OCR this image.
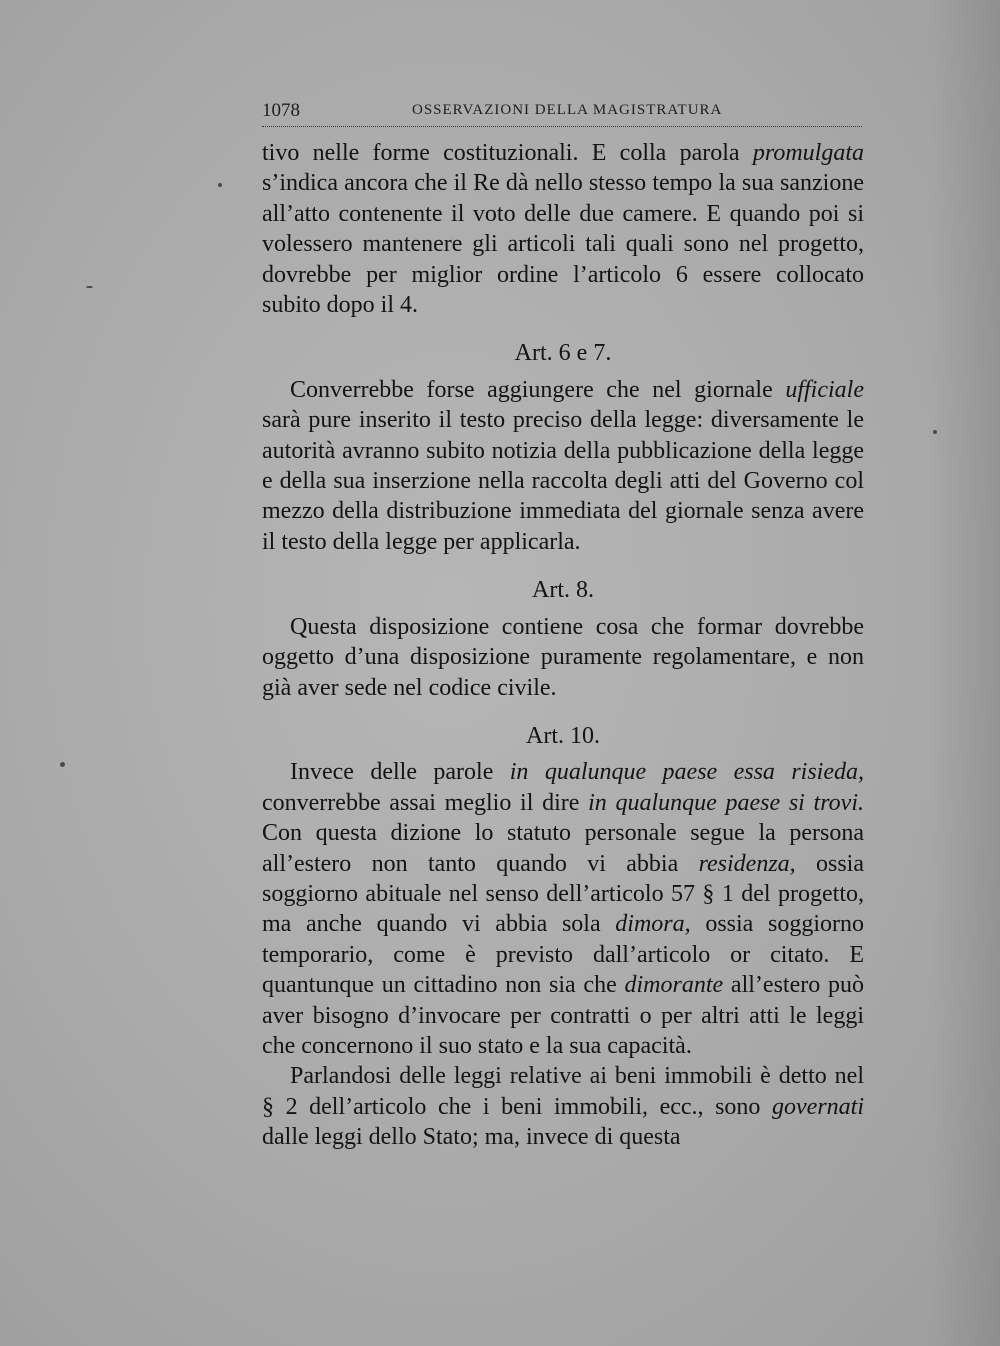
1078	OSSERVAZIONI DELLA MAGISTRATURA

tivo nelle forme costituzionali. E colla parola promulgata s’indica ancora che il Re dà nello stesso tempo la sua sanzione all’atto contenente il voto delle due camere. E quando poi si volessero mantenere gli articoli tali quali sono nel progetto, dovrebbe per miglior ordine l’articolo 6 essere collocato subito dopo il 4.

Art. 6 e 7.

Converrebbe forse aggiungere che nel giornale ufficiale sarà pure inserito il testo preciso della legge: diversamente le autorità avranno subito notizia della pubblicazione della legge e della sua inserzione nella raccolta degli atti del Governo col mezzo della distribuzione immediata del giornale senza avere il testo della legge per applicarla.

Art. 8.

Questa disposizione contiene cosa che formar dovrebbe oggetto d’una disposizione puramente regolamentare, e non già aver sede nel codice civile.

Art. 10.

Invece delle parole in qualunque paese essa risieda, converrebbe assai meglio il dire in qualunque paese si trovi. Con questa dizione lo statuto personale segue la persona all’estero non tanto quando vi abbia residenza, ossia soggiorno abituale nel senso dell’articolo 57 § 1 del progetto, ma anche quando vi abbia sola dimora, ossia soggiorno temporario, come è previsto dall’articolo or citato. E quantunque un cittadino non sia che dimorante all’estero può aver bisogno d’invocare per contratti o per altri atti le leggi che concernono il suo stato e la sua capacità.

Parlandosi delle leggi relative ai beni immobili è detto nel § 2 dell’articolo che i beni immobili, ecc., sono governati dalle leggi dello Stato; ma, invece di questa
